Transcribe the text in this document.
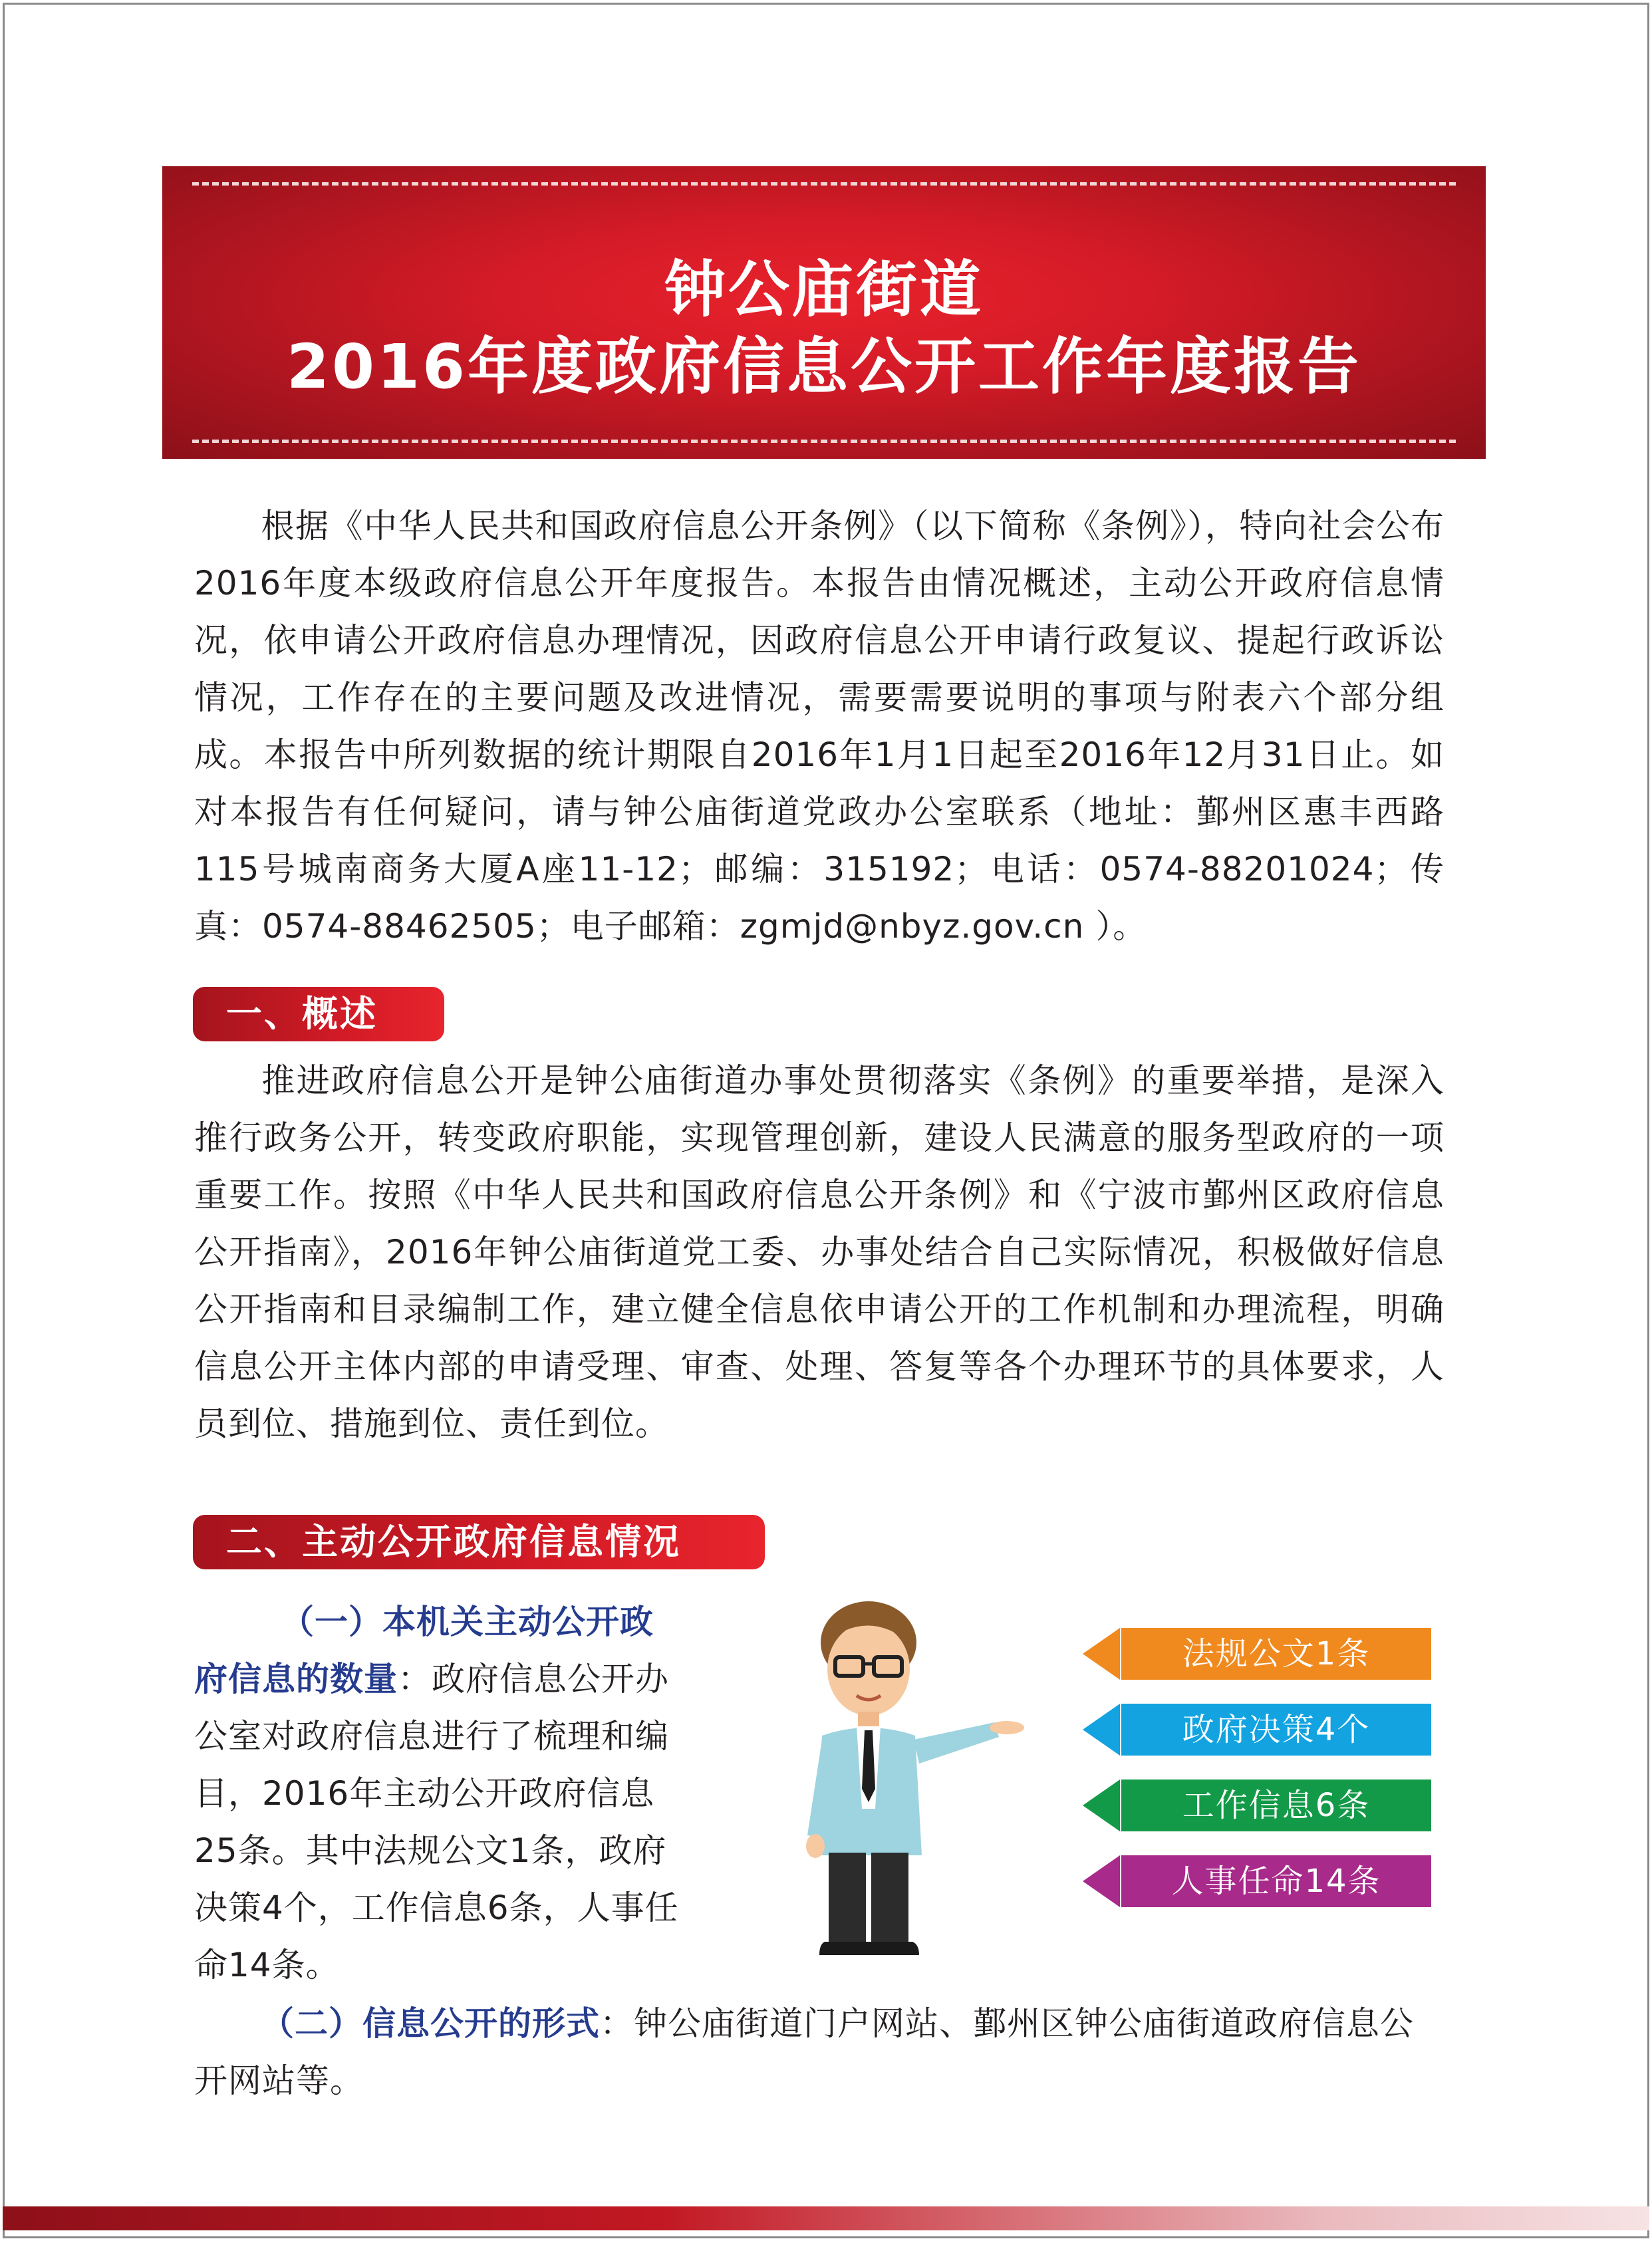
钟公庙街道
2016年度政府信息公开工作年度报告
根据《中华人民共和国政府信息公开条例》（以下简称《条例》），特向社会公布2016年度本级政府信息公开年度报告。本报告由情况概述，主动公开政府信息情况，依申请公开政府信息办理情况，因政府信息公开申请行政复议、提起行政诉讼情况，工作存在的主要问题及改进情况，需要需要说明的事项与附表六个部分组成。本报告中所列数据的统计期限自2016年1月1日起至2016年12月31日止。如对本报告有任何疑问，请与钟公庙街道党政办公室联系（地址：鄞州区惠丰西路115号城南商务大厦A座11-12；邮编：315192；电话：0574-88201024；传真：0574-88462505；电子邮箱：zgmjd@nbyz.gov.cn ）。
一、概述
推进政府信息公开是钟公庙街道办事处贯彻落实《条例》的重要举措，是深入推行政务公开，转变政府职能，实现管理创新，建设人民满意的服务型政府的一项重要工作。按照《中华人民共和国政府信息公开条例》和《宁波市鄞州区政府信息公开指南》，2016年钟公庙街道党工委、办事处结合自己实际情况，积极做好信息公开指南和目录编制工作，建立健全信息依申请公开的工作机制和办理流程，明确信息公开主体内部的申请受理、审查、处理、答复等各个办理环节的具体要求，人员到位、措施到位、责任到位。
二、主动公开政府信息情况
（一）本机关主动公开政府信息的数量：政府信息公开办公室对政府信息进行了梳理和编目，2016年主动公开政府信息25条。其中法规公文1条，政府决策4个，工作信息6条，人事任命14条。
法规公文1条
政府决策4个
工作信息6条
人事任命14条
（二）信息公开的形式：钟公庙街道门户网站、鄞州区钟公庙街道政府信息公开网站等。
